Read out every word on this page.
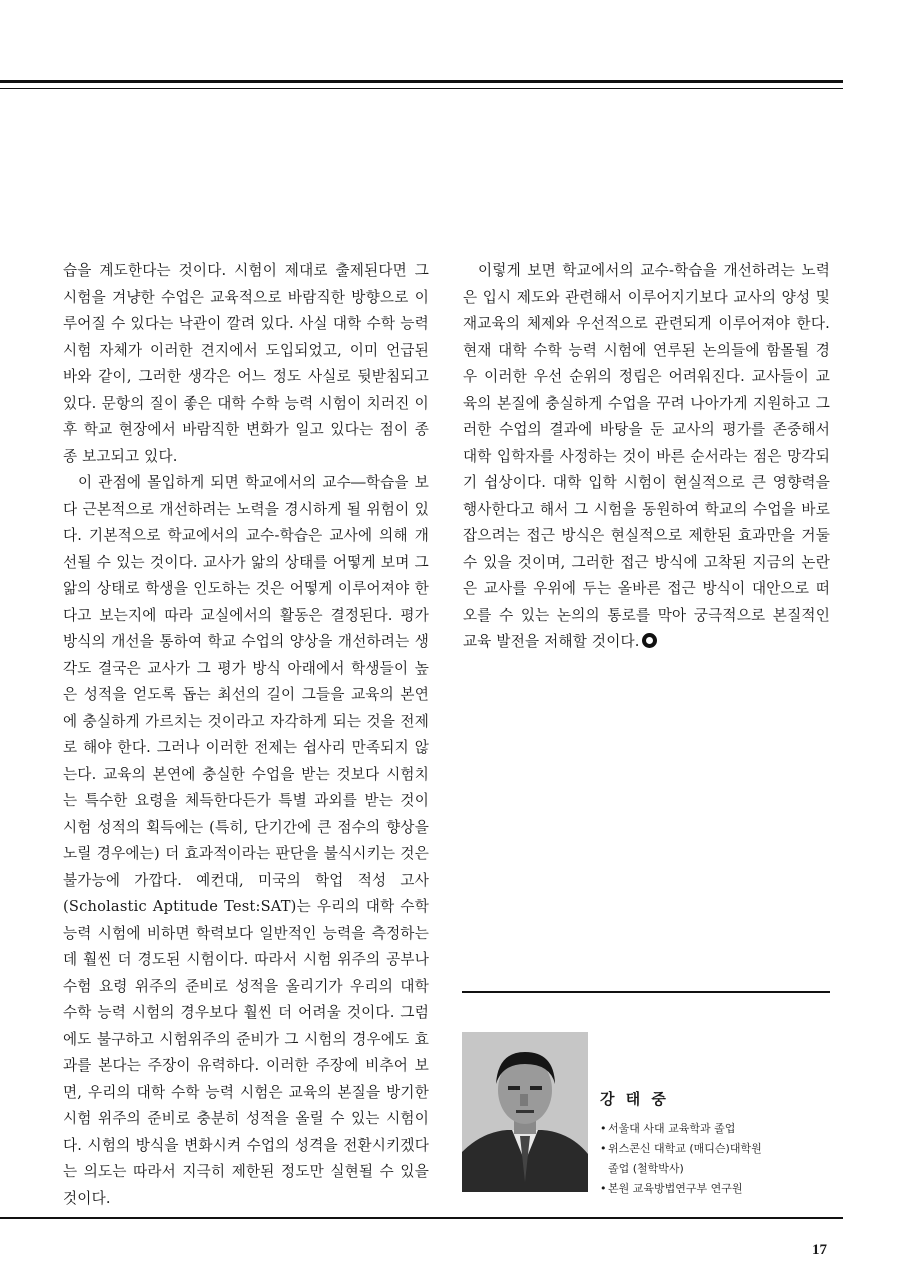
습을 계도한다는 것이다. 시험이 제대로 출제된다면 그 시험을 겨냥한 수업은 교육적으로 바람직한 방향으로 이루어질 수 있다는 낙관이 깔려 있다. 사실 대학 수학 능력 시험 자체가 이러한 견지에서 도입되었고, 이미 언급된 바와 같이, 그러한 생각은 어느 정도 사실로 뒷받침되고 있다. 문항의 질이 좋은 대학 수학 능력 시험이 치러진 이후 학교 현장에서 바람직한 변화가 일고 있다는 점이 종종 보고되고 있다.

이 관점에 몰입하게 되면 학교에서의 교수―학습을 보다 근본적으로 개선하려는 노력을 경시하게 될 위험이 있다. 기본적으로 학교에서의 교수-학습은 교사에 의해 개선될 수 있는 것이다. 교사가 앎의 상태를 어떻게 보며 그 앎의 상태로 학생을 인도하는 것은 어떻게 이루어져야 한다고 보는지에 따라 교실에서의 활동은 결정된다. 평가 방식의 개선을 통하여 학교 수업의 양상을 개선하려는 생각도 결국은 교사가 그 평가 방식 아래에서 학생들이 높은 성적을 얻도록 돕는 최선의 길이 그들을 교육의 본연에 충실하게 가르치는 것이라고 자각하게 되는 것을 전제로 해야 한다. 그러나 이러한 전제는 쉽사리 만족되지 않는다. 교육의 본연에 충실한 수업을 받는 것보다 시험치는 특수한 요령을 체득한다든가 특별 과외를 받는 것이 시험 성적의 획득에는 (특히, 단기간에 큰 점수의 향상을 노릴 경우에는) 더 효과적이라는 판단을 불식시키는 것은 불가능에 가깝다. 예컨대, 미국의 학업 적성 고사(Scholastic Aptitude Test:SAT)는 우리의 대학 수학 능력 시험에 비하면 학력보다 일반적인 능력을 측정하는 데 훨씬 더 경도된 시험이다. 따라서 시험 위주의 공부나 수험 요령 위주의 준비로 성적을 올리기가 우리의 대학 수학 능력 시험의 경우보다 훨씬 더 어려울 것이다. 그럼에도 불구하고 시험위주의 준비가 그 시험의 경우에도 효과를 본다는 주장이 유력하다. 이러한 주장에 비추어 보면, 우리의 대학 수학 능력 시험은 교육의 본질을 방기한 시험 위주의 준비로 충분히 성적을 올릴 수 있는 시험이다. 시험의 방식을 변화시켜 수업의 성격을 전환시키겠다는 의도는 따라서 지극히 제한된 정도만 실현될 수 있을 것이다.

이렇게 보면 학교에서의 교수-학습을 개선하려는 노력은 입시 제도와 관련해서 이루어지기보다 교사의 양성 및 재교육의 체제와 우선적으로 관련되게 이루어져야 한다. 현재 대학 수학 능력 시험에 연루된 논의들에 함몰될 경우 이러한 우선 순위의 정립은 어려워진다. 교사들이 교육의 본질에 충실하게 수업을 꾸려 나아가게 지원하고 그러한 수업의 결과에 바탕을 둔 교사의 평가를 존중해서 대학 입학자를 사정하는 것이 바른 순서라는 점은 망각되기 쉽상이다. 대학 입학 시험이 현실적으로 큰 영향력을 행사한다고 해서 그 시험을 동원하여 학교의 수업을 바로 잡으려는 접근 방식은 현실적으로 제한된 효과만을 거둘 수 있을 것이며, 그러한 접근 방식에 고착된 지금의 논란은 교사를 우위에 두는 올바른 접근 방식이 대안으로 떠오를 수 있는 논의의 통로를 막아 궁극적으로 본질적인 교육 발전을 저해할 것이다.

강 태 중
• 서울대 사대 교육학과 졸업
• 위스콘신 대학교 (매디슨)대학원
졸업 (철학박사)
• 본원 교육방법연구부 연구원
17
